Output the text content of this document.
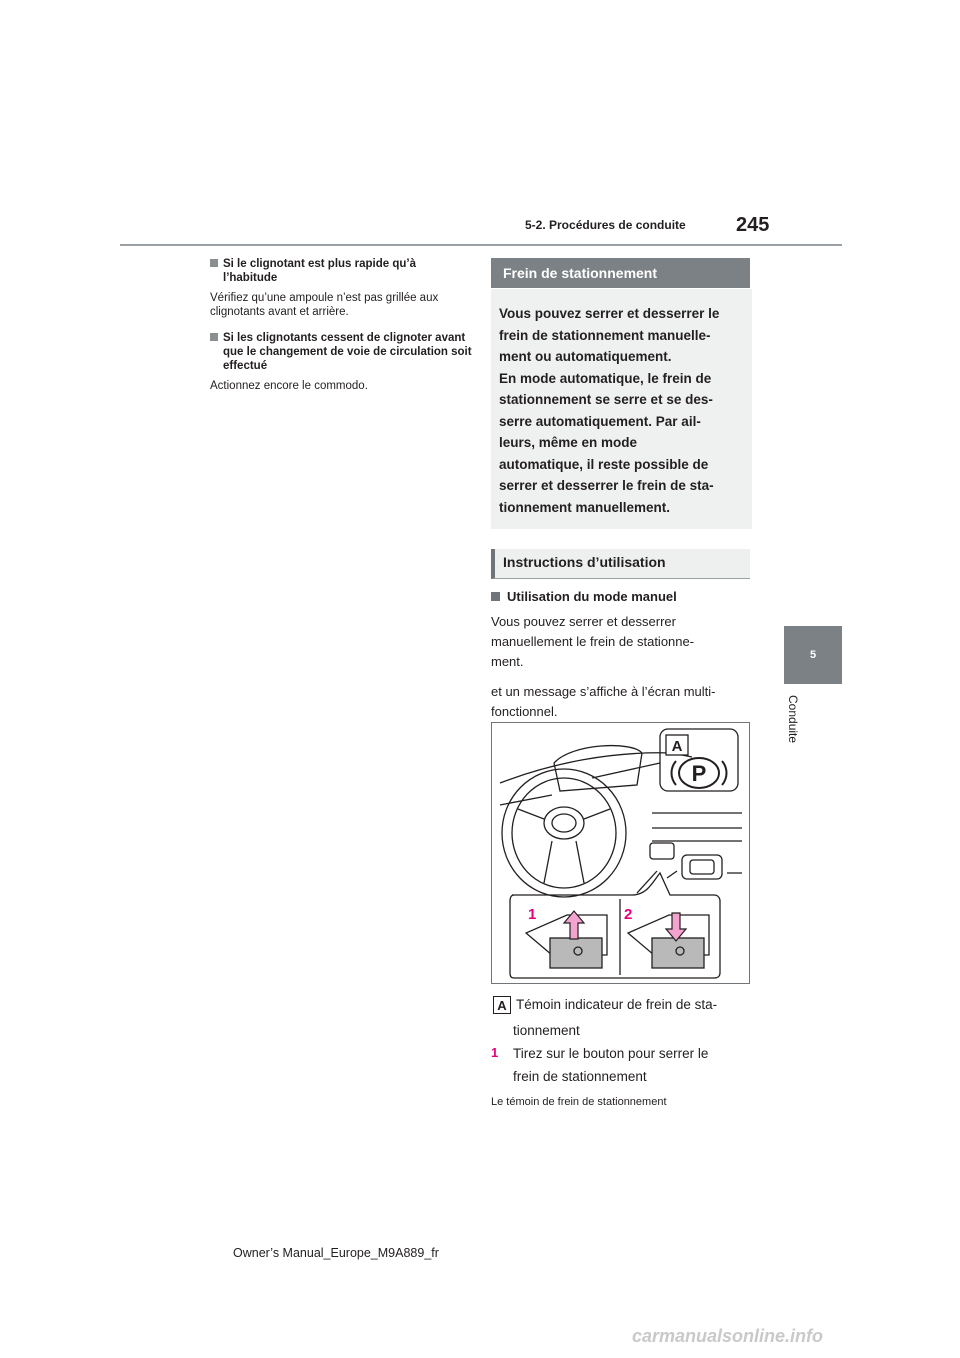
5-2. Procédures de conduite	245
5
Conduite

Si le clignotant est plus rapide qu’à l’habitude

Vérifiez qu’une ampoule n’est pas grillée aux clignotants avant et arrière.

Si les clignotants cessent de clignoter avant que le changement de voie de circulation soit effectué

Actionnez encore le commodo.

Frein de stationnement

Vous pouvez serrer et desserrer le

frein de stationnement manuelle-

ment ou automatiquement.

En mode automatique, le frein de

stationnement se serre et se des-

serre automatiquement. Par ail-

leurs, même en mode

automatique, il reste possible de

serrer et desserrer le frein de sta-

tionnement manuellement.

Instructions d’utilisation

Utilisation du mode manuel

Vous pouvez serrer et desserrer

manuellement le frein de stationne-

ment.

et un message s’affiche à l’écran multi-

fonctionnel.

P
A
1	2
A Témoin indicateur de frein de sta-
tionnement
1 Tirez sur le bouton pour serrer le
frein de stationnement
Le témoin de frein de stationnement
Owner’s Manual_Europe_M9A889_fr
carmanualsonline.info
